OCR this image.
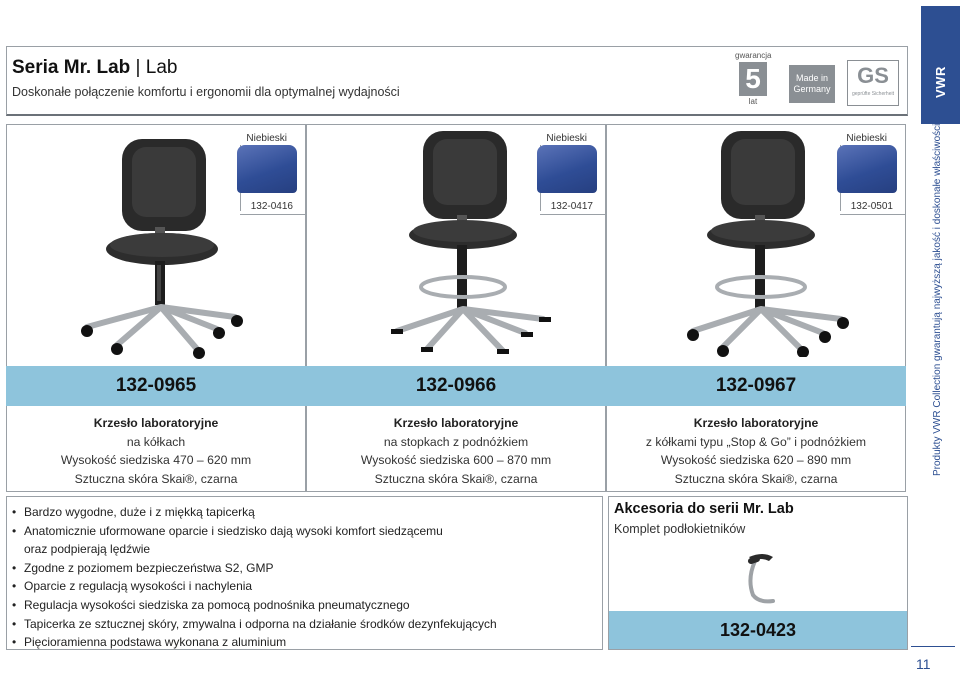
Seria Mr. Lab | Lab
Doskonałe połączenie komfortu i ergonomii dla optymalnej wydajności
gwarancja
5
lat
Made in Germany
GS
geprüfte Sicherheit	VWR
Produkty VWR Collection gwarantują najwyższą jakość i doskonałe właściwości
11
Niebieski
132-0416
132-0965
Krzesło laboratoryjne
na kółkach
Wysokość siedziska 470 – 620 mm
Sztuczna skóra Skai®, czarna
Niebieski
132-0417
132-0966
Krzesło laboratoryjne
na stopkach z podnóżkiem
Wysokość siedziska 600 – 870 mm
Sztuczna skóra Skai®, czarna
Niebieski
132-0501
132-0967
Krzesło laboratoryjne
z kółkami typu „Stop & Go” i podnóżkiem
Wysokość siedziska 620 – 890 mm
Sztuczna skóra Skai®, czarna
• Bardzo wygodne, duże i z miękką tapicerką
• Anatomicznie uformowane oparcie i siedzisko dają wysoki komfort siedzącemu
oraz podpierają lędźwie
• Zgodne z poziomem bezpieczeństwa S2, GMP
• Oparcie z regulacją wysokości i nachylenia
• Regulacja wysokości siedziska za pomocą podnośnika pneumatycznego
• Tapicerka ze sztucznej skóry, zmywalna i odporna na działanie środków dezynfekujących
• Pięcioramienna podstawa wykonana z aluminium
Akcesoria do serii Mr. Lab
Komplet podłokietników
132-0423
